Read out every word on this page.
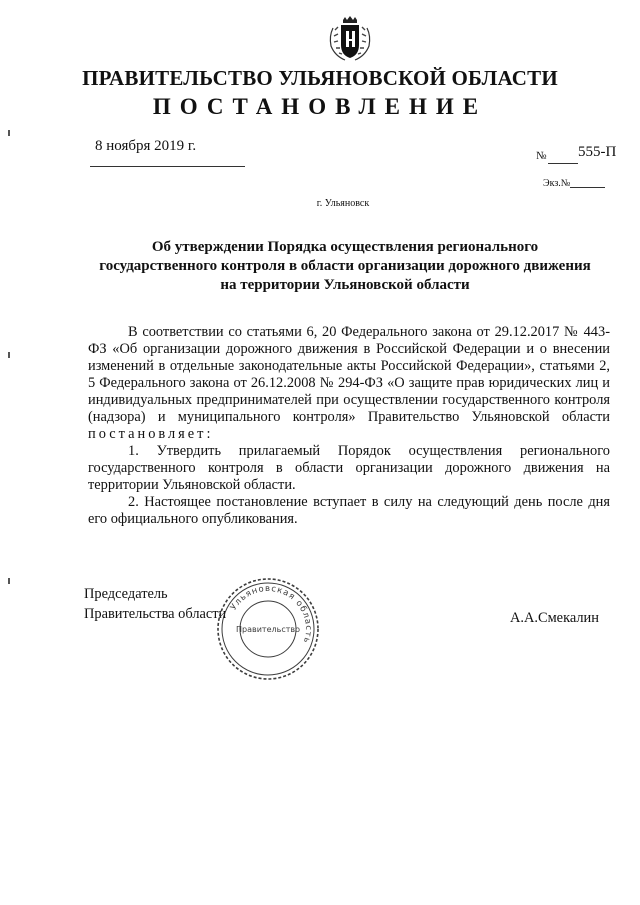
ПРАВИТЕЛЬСТВО УЛЬЯНОВСКОЙ ОБЛАСТИ
ПОСТАНОВЛЕНИЕ
8 ноября 2019 г.
№ 555-П
Экз.№
г. Ульяновск
Об утверждении Порядка осуществления регионального
государственного контроля в области организации дорожного движения
на территории Ульяновской области

В соответствии со статьями 6, 20 Федерального закона от 29.12.2017 № 443-ФЗ «Об организации дорожного движения в Российской Федерации и о внесении изменений в отдельные законодательные акты Российской Федерации», статьями 2, 5 Федерального закона от 26.12.2008 № 294-ФЗ «О защите прав юридических лиц и индивидуальных предпринимателей при осуществлении государственного контроля (надзора) и муниципального контроля» Правительство Ульяновской области постановляет:

1. Утвердить прилагаемый Порядок осуществления регионального государственного контроля в области организации дорожного движения на территории Ульяновской области.

2. Настоящее постановление вступает в силу на следующий день после дня его официального опубликования.

Председатель
Правительства области Ульяновская область
Правительство
А.А.Смекалин
